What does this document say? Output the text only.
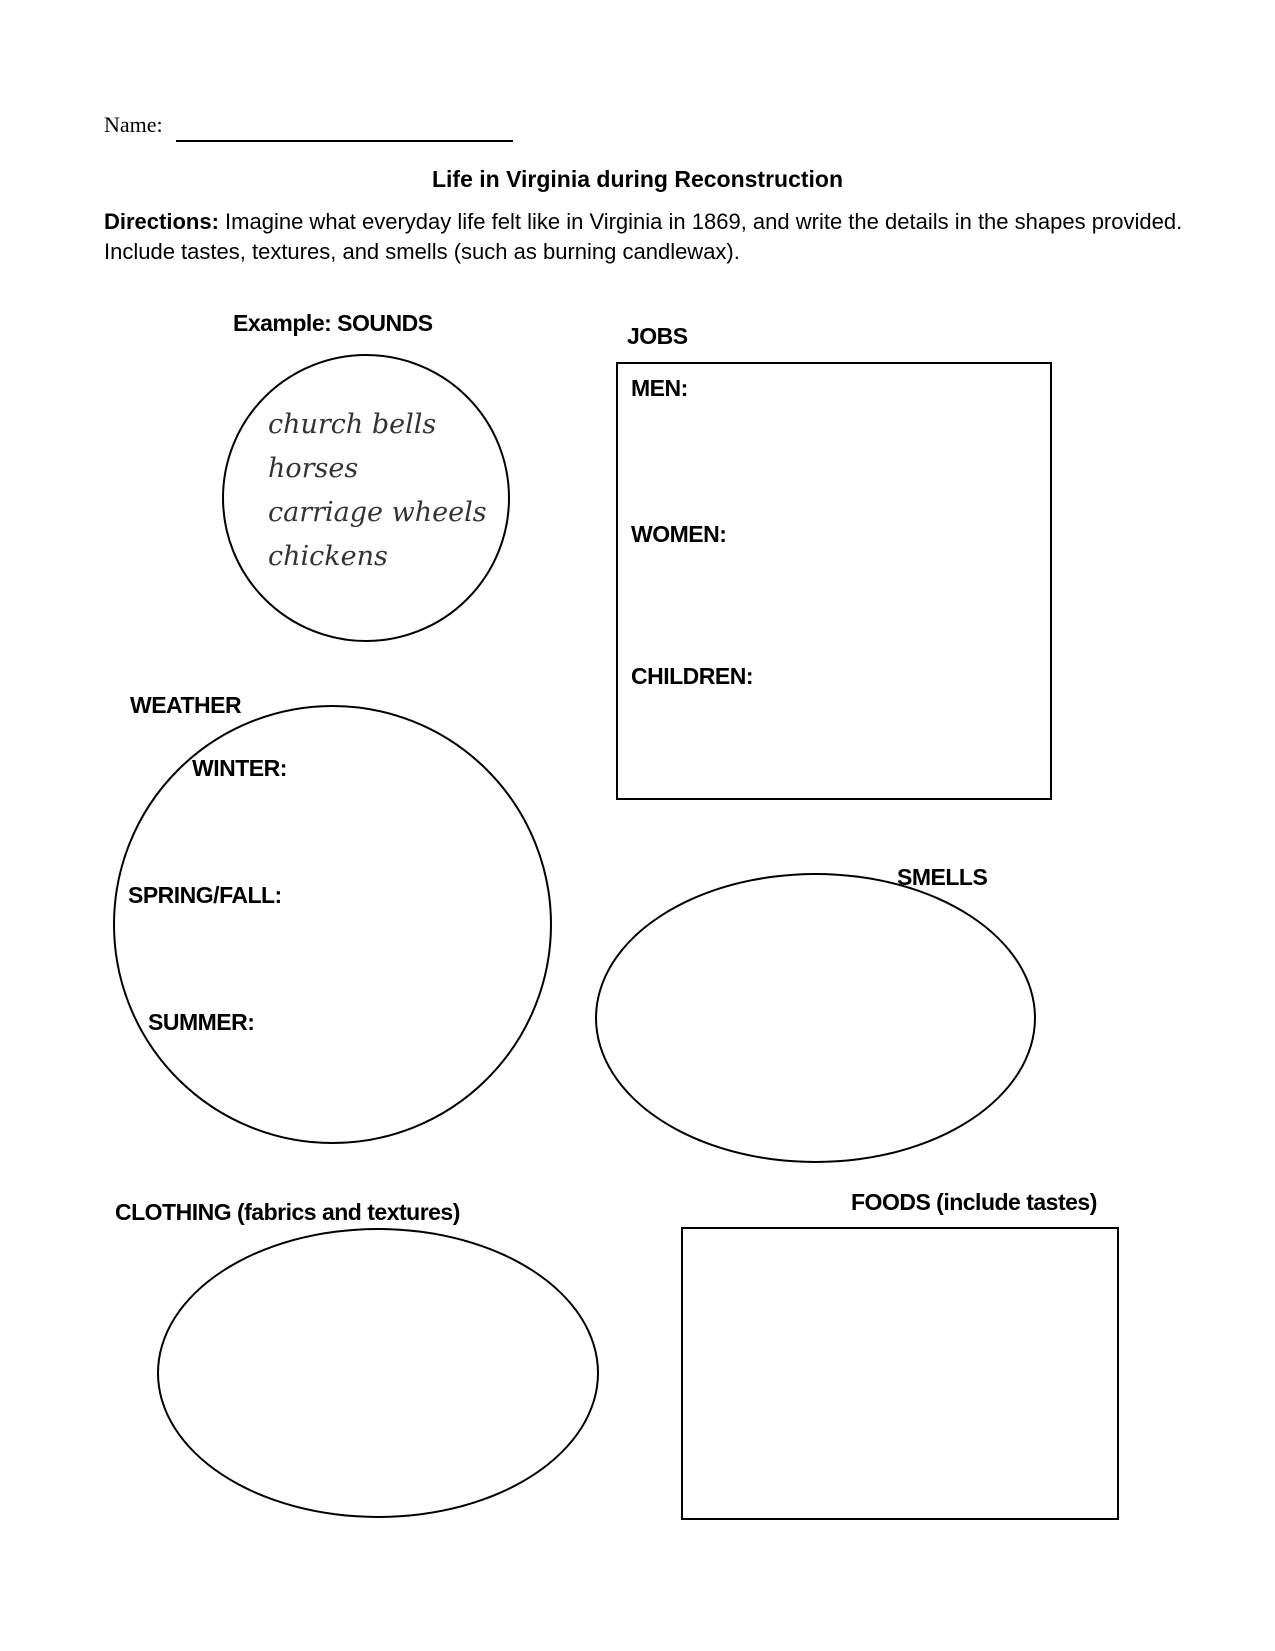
Name:
Life in Virginia during Reconstruction
Directions: Imagine what everyday life felt like in Virginia in 1869, and write the details in the shapes provided. Include tastes, textures, and smells (such as burning candlewax).
Example: SOUNDS
church bells
horses
carriage wheels
chickens
JOBS
MEN:
WOMEN:
CHILDREN:
WEATHER
WINTER:
SPRING/FALL:
SUMMER:
SMELLS
CLOTHING (fabrics and textures)	FOODS (include tastes)
